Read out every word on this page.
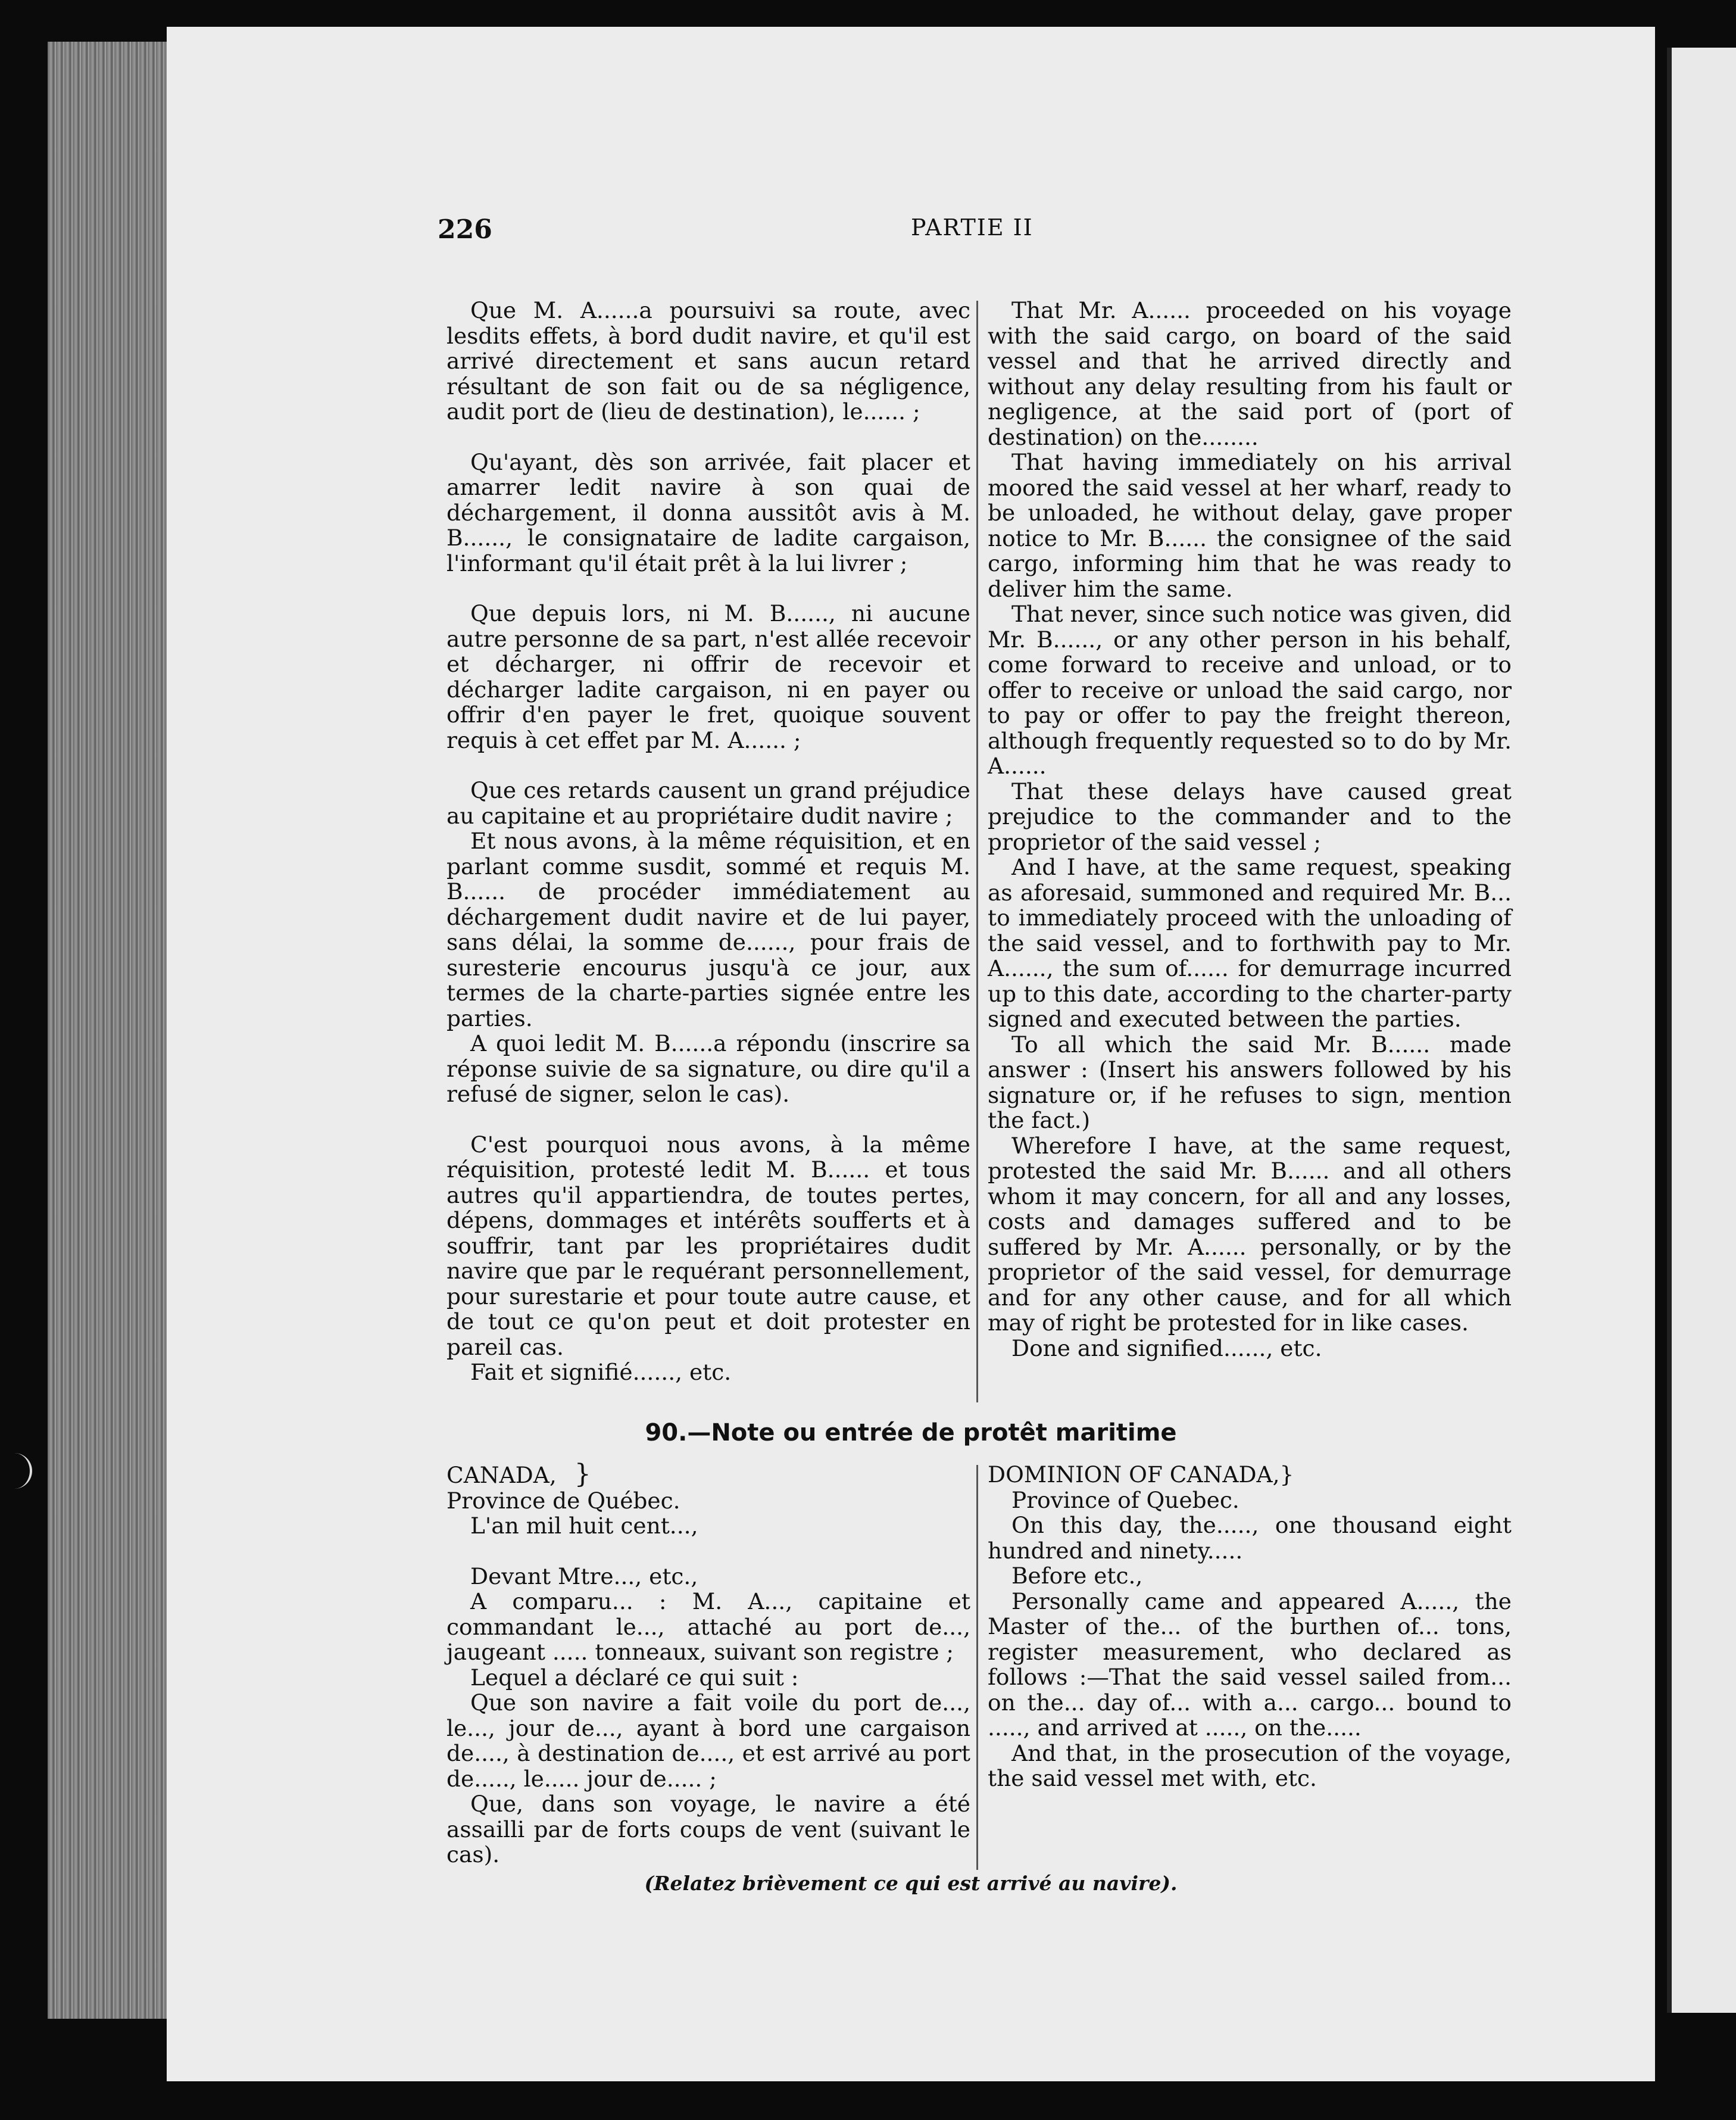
226	PARTIE II

Que M. A......a poursuivi sa route, avec lesdits effets, à bord dudit navire, et qu'il est arrivé directement et sans aucun retard résultant de son fait ou de sa négligence, audit port de (lieu de destination), le...... ;

Qu'ayant, dès son arrivée, fait placer et amarrer ledit navire à son quai de déchargement, il donna aussitôt avis à M. B......, le consignataire de ladite cargaison, l'informant qu'il était prêt à la lui livrer ;

Que depuis lors, ni M. B......, ni aucune autre personne de sa part, n'est allée recevoir et décharger, ni offrir de recevoir et décharger ladite cargaison, ni en payer ou offrir d'en payer le fret, quoique souvent requis à cet effet par M. A...... ;

Que ces retards causent un grand préjudice au capitaine et au propriétaire dudit navire ;

Et nous avons, à la même réquisition, et en parlant comme susdit, sommé et requis M. B...... de procéder immédiatement au déchargement dudit navire et de lui payer, sans délai, la somme de......, pour frais de suresterie encourus jusqu'à ce jour, aux termes de la charte-parties signée entre les parties.

A quoi ledit M. B......a répondu (inscrire sa réponse suivie de sa signature, ou dire qu'il a refusé de signer, selon le cas).

C'est pourquoi nous avons, à la même réquisition, protesté ledit M. B...... et tous autres qu'il appartiendra, de toutes pertes, dépens, dommages et intérêts soufferts et à souffrir, tant par les propriétaires dudit navire que par le requérant personnellement, pour surestarie et pour toute autre cause, et de tout ce qu'on peut et doit protester en pareil cas.

Fait et signifié......, etc.

That Mr. A...... proceeded on his voyage with the said cargo, on board of the said vessel and that he arrived directly and without any delay resulting from his fault or negligence, at the said port of (port of destination) on the........

That having immediately on his arrival moored the said vessel at her wharf, ready to be unloaded, he without delay, gave proper notice to Mr. B...... the consignee of the said cargo, informing him that he was ready to deliver him the same.

That never, since such notice was given, did Mr. B......, or any other person in his behalf, come forward to receive and unload, or to offer to receive or unload the said cargo, nor to pay or offer to pay the freight thereon, although frequently requested so to do by Mr. A......

That these delays have caused great prejudice to the commander and to the proprietor of the said vessel ;

And I have, at the same request, speaking as aforesaid, summoned and required Mr. B... to immediately proceed with the unloading of the said vessel, and to forthwith pay to Mr. A......, the sum of...... for demurrage incurred up to this date, according to the charter-party signed and executed between the parties.

To all which the said Mr. B...... made answer : (Insert his answers followed by his signature or, if he refuses to sign, mention the fact.)

Wherefore I have, at the same request, protested the said Mr. B...... and all others whom it may concern, for all and any losses, costs and damages suffered and to be suffered by Mr. A...... personally, or by the proprietor of the said vessel, for demurrage and for any other cause, and for all which may of right be protested for in like cases.

Done and signified......, etc.

90.—Note ou entrée de protêt maritime

CANADA, }

Province de Québec.

L'an mil huit cent...,

Devant Mtre..., etc.,

A comparu... : M. A..., capitaine et commandant le..., attaché au port de..., jaugeant ..... tonneaux, suivant son registre ;

Lequel a déclaré ce qui suit :

Que son navire a fait voile du port de..., le..., jour de..., ayant à bord une cargaison de...., à destination de...., et est arrivé au port de....., le..... jour de..... ;

Que, dans son voyage, le navire a été assailli par de forts coups de vent (suivant le cas).

DOMINION OF CANADA,}

Province of Quebec.

On this day, the....., one thousand eight hundred and ninety.....

Before etc.,

Personally came and appeared A....., the Master of the... of the burthen of... tons, register measurement, who declared as follows :—That the said vessel sailed from... on the... day of... with a... cargo... bound to ....., and arrived at ....., on the.....

And that, in the prosecution of the voyage, the said vessel met with, etc.

(Relatez brièvement ce qui est arrivé au navire).
